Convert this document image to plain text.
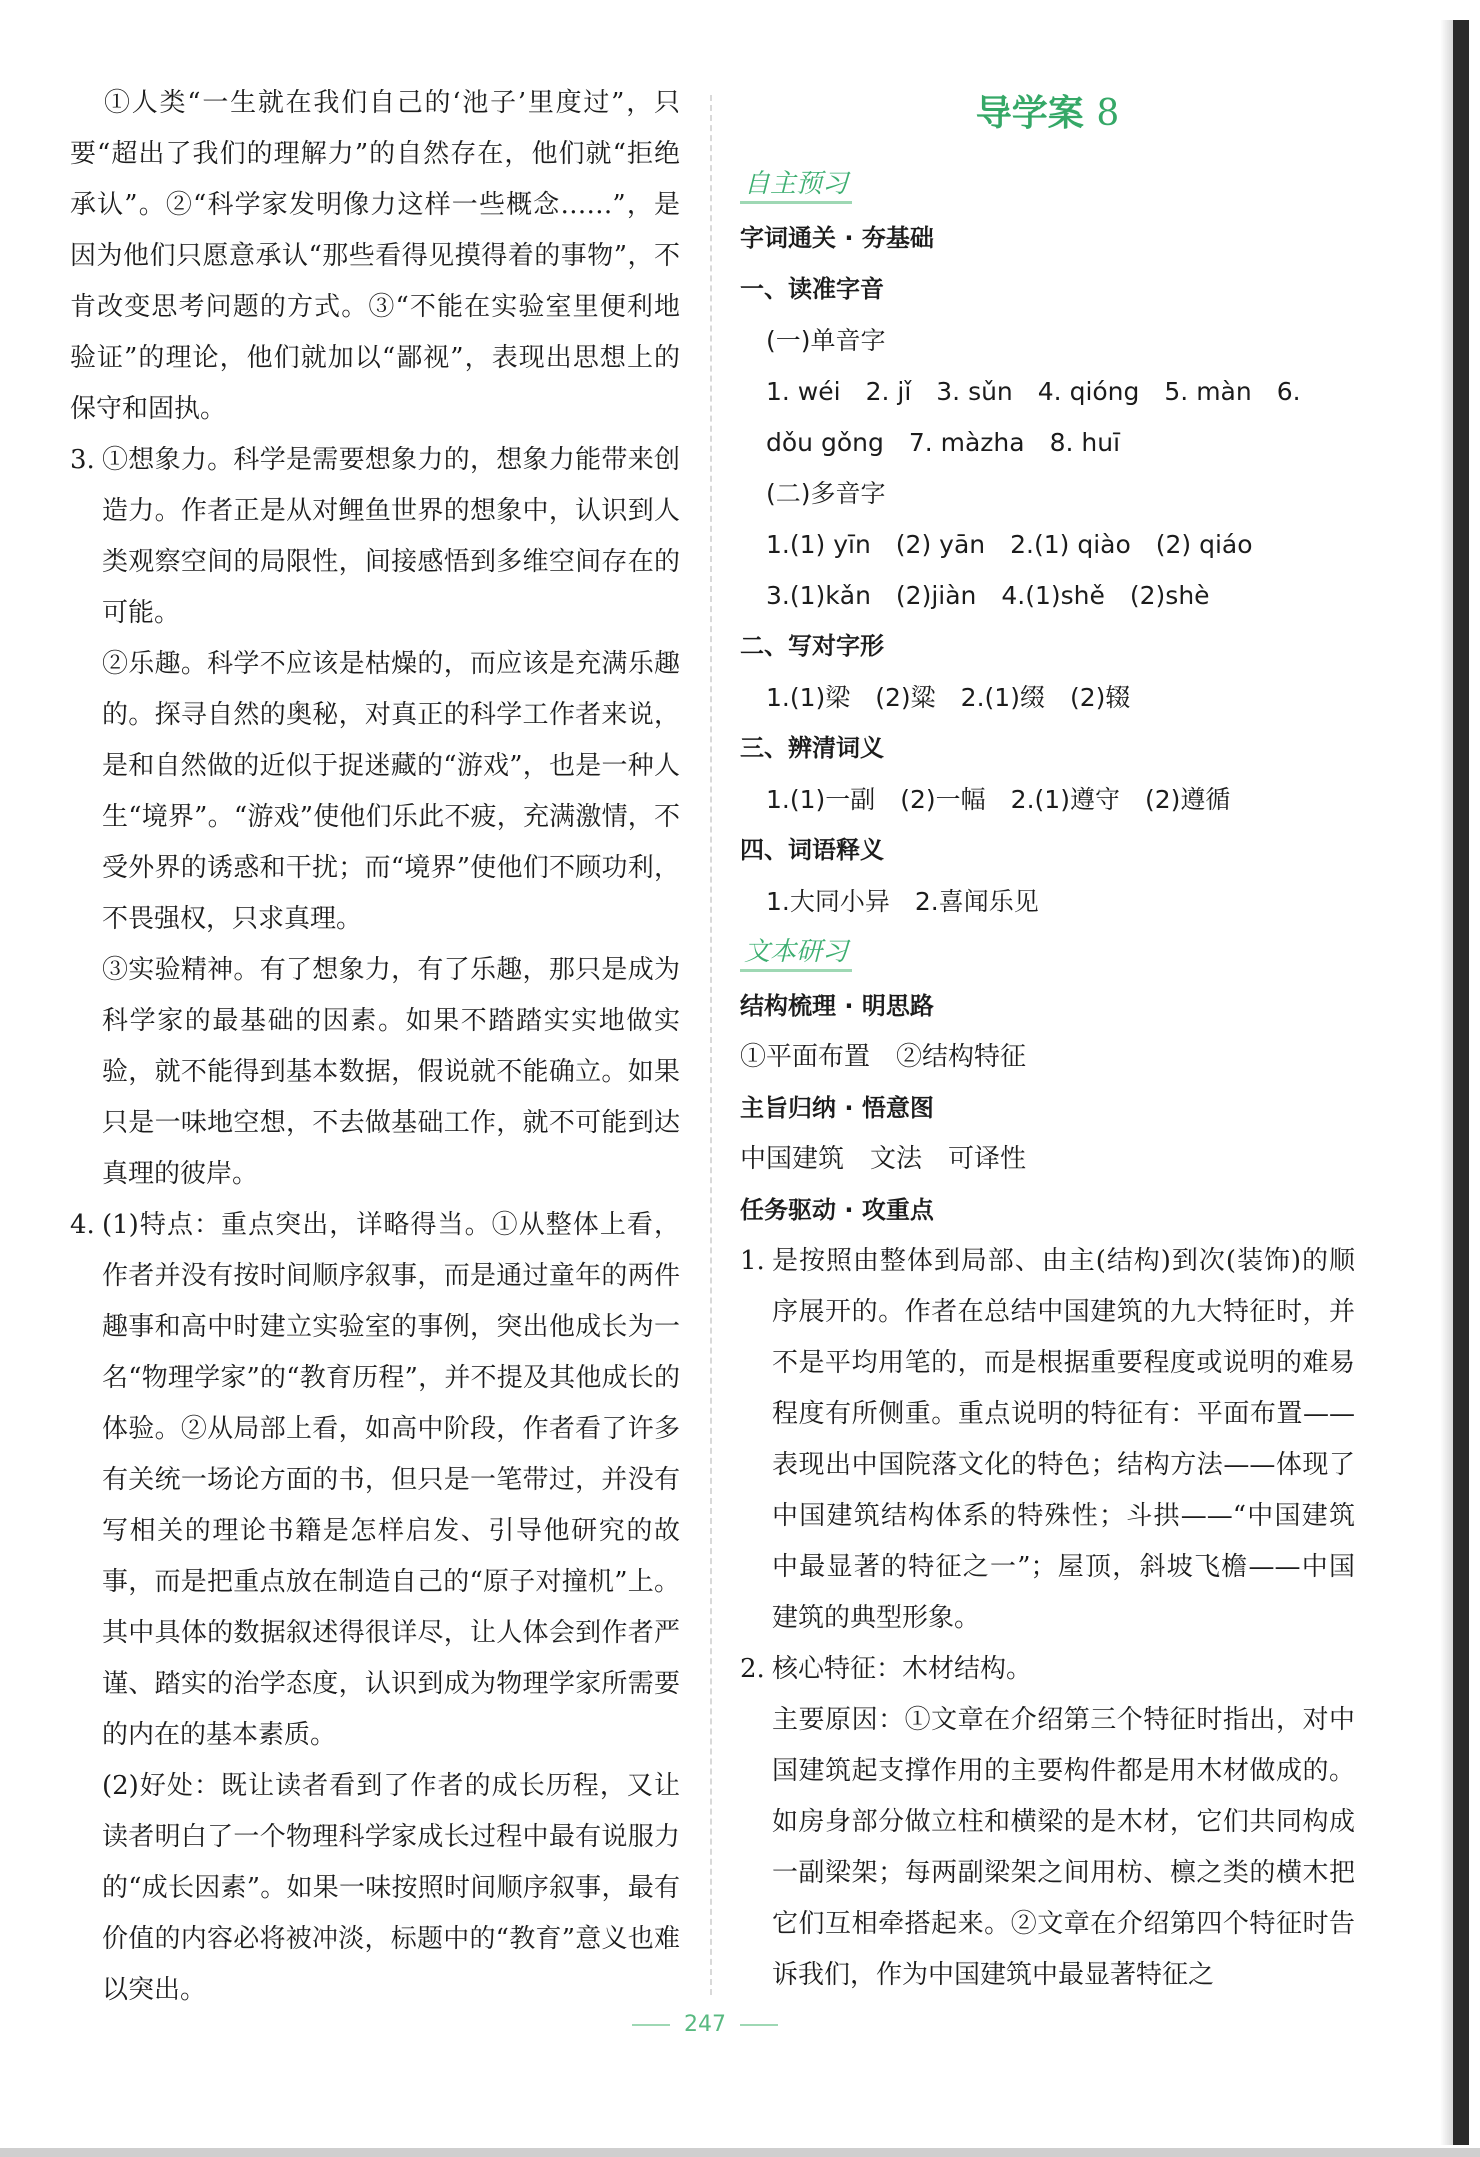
①人类“一生就在我们自己的‘池子’里度过”，只要“超出了我们的理解力”的自然存在，他们就“拒绝承认”。②“科学家发明像力这样一些概念……”，是因为他们只愿意承认“那些看得见摸得着的事物”，不肯改变思考问题的方式。③“不能在实验室里便利地验证”的理论，他们就加以“鄙视”，表现出思想上的保守和固执。

3. ①想象力。科学是需要想象力的，想象力能带来创造力。作者正是从对鲤鱼世界的想象中，认识到人类观察空间的局限性，间接感悟到多维空间存在的可能。

②乐趣。科学不应该是枯燥的，而应该是充满乐趣的。探寻自然的奥秘，对真正的科学工作者来说，是和自然做的近似于捉迷藏的“游戏”，也是一种人生“境界”。“游戏”使他们乐此不疲，充满激情，不受外界的诱惑和干扰；而“境界”使他们不顾功利，不畏强权，只求真理。

③实验精神。有了想象力，有了乐趣，那只是成为科学家的最基础的因素。如果不踏踏实实地做实验，就不能得到基本数据，假说就不能确立。如果只是一味地空想，不去做基础工作，就不可能到达真理的彼岸。

4. (1)特点：重点突出，详略得当。①从整体上看，作者并没有按时间顺序叙事，而是通过童年的两件趣事和高中时建立实验室的事例，突出他成长为一名“物理学家”的“教育历程”，并不提及其他成长的体验。②从局部上看，如高中阶段，作者看了许多有关统一场论方面的书，但只是一笔带过，并没有写相关的理论书籍是怎样启发、引导他研究的故事，而是把重点放在制造自己的“原子对撞机”上。其中具体的数据叙述得很详尽，让人体会到作者严谨、踏实的治学态度，认识到成为物理学家所需要的内在的基本素质。

(2)好处：既让读者看到了作者的成长历程，又让读者明白了一个物理科学家成长过程中最有说服力的“成长因素”。如果一味按照时间顺序叙事，最有价值的内容必将被冲淡，标题中的“教育”意义也难以突出。

导学案 8

自主预习

字词通关 · 夯基础

一、读准字音

(一)单音字

1. wéi　2. jǐ　3. sǔn　4. qióng　5. màn　6. dǒu gǒng　7. màzha　8. huī

(二)多音字

1.(1) yīn　(2) yān　2.(1) qiào　(2) qiáo

3.(1)kǎn　(2)jiàn　4.(1)shě　(2)shè

二、写对字形

1.(1)梁　(2)粱　2.(1)缀　(2)辍

三、辨清词义

1.(1)一副　(2)一幅　2.(1)遵守　(2)遵循

四、词语释义

1.大同小异　2.喜闻乐见

文本研习

结构梳理 · 明思路

①平面布置　②结构特征

主旨归纳 · 悟意图

中国建筑　文法　可译性

任务驱动 · 攻重点

1. 是按照由整体到局部、由主(结构)到次(装饰)的顺序展开的。作者在总结中国建筑的九大特征时，并不是平均用笔的，而是根据重要程度或说明的难易程度有所侧重。重点说明的特征有：平面布置——表现出中国院落文化的特色；结构方法——体现了中国建筑结构体系的特殊性；斗拱——“中国建筑中最显著的特征之一”；屋顶，斜坡飞檐——中国建筑的典型形象。

2. 核心特征：木材结构。

主要原因：①文章在介绍第三个特征时指出，对中国建筑起支撑作用的主要构件都是用木材做成的。如房身部分做立柱和横梁的是木材，它们共同构成一副梁架；每两副梁架之间用枋、檩之类的横木把它们互相牵搭起来。②文章在介绍第四个特征时告诉我们，作为中国建筑中最显著特征之

247
